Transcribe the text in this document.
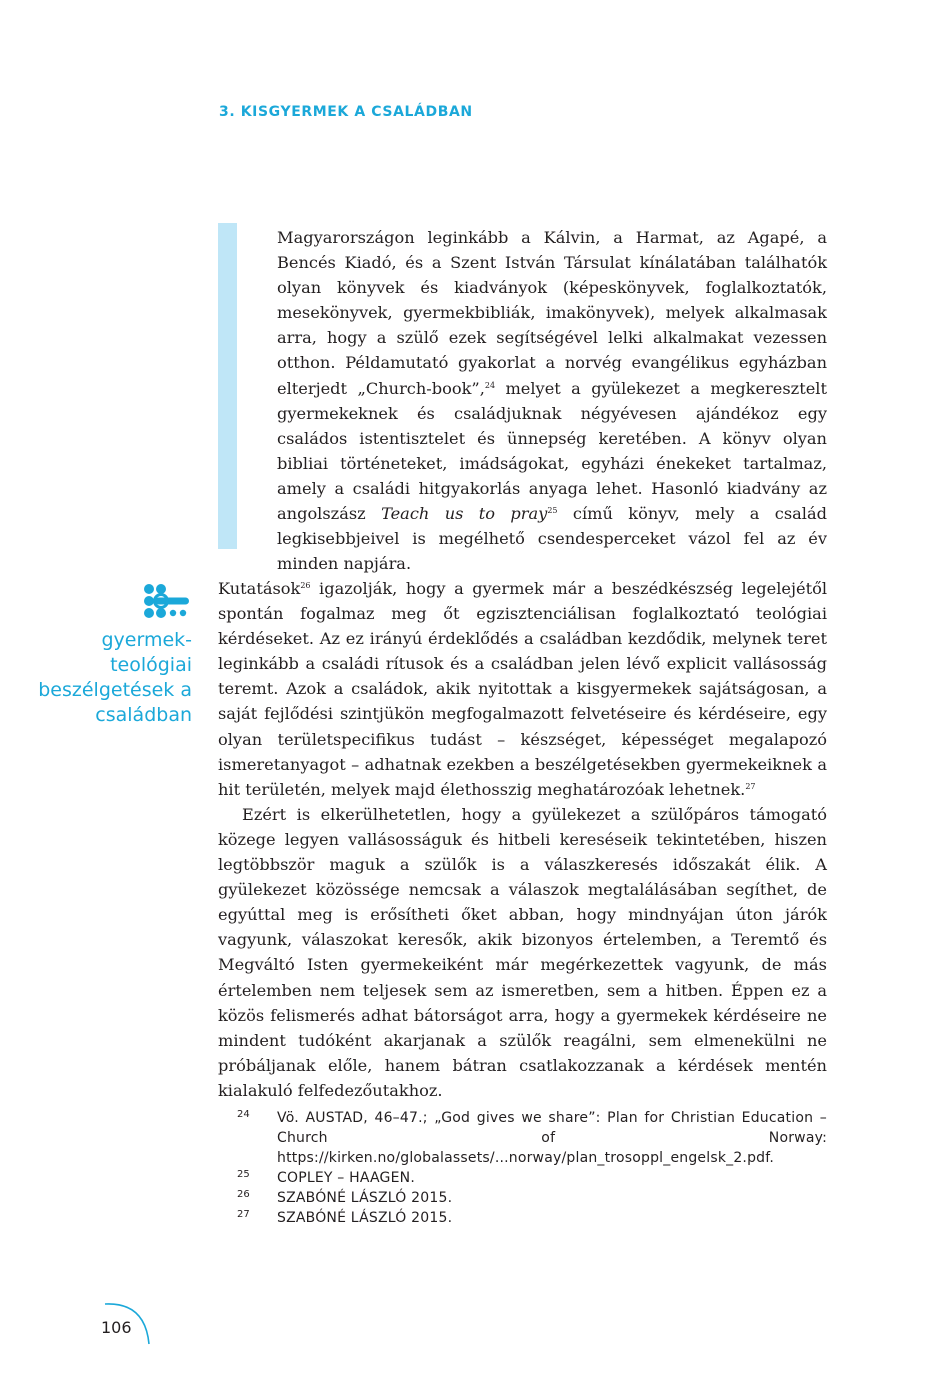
3. KISGYERMEK A CSALÁDBAN
Magyarországon leginkább a Kálvin, a Harmat, az Agapé, a Bencés Kiadó, és a Szent István Társulat kínálatában találhatók olyan könyvek és kiadványok (képeskönyvek, foglalkoztatók, mesekönyvek, gyermekbibliák, imakönyvek), melyek alkalmasak arra, hogy a szülő ezek segítségével lelki alkalmakat vezessen otthon. Példamutató gyakorlat a norvég evangélikus egyházban elterjedt „Church-book”,$^{24}$ melyet a gyülekezet a megkeresztelt gyermekeknek és családjuknak négyévesen ajándékoz egy családos istentisztelet és ünnepség keretében. A könyv olyan bibliai történeteket, imádságokat, egyházi énekeket tartalmaz, amely a családi hitgyakorlás anyaga lehet. Hasonló kiadvány az angolszász Teach us to pray$^{25}$ című könyv, mely a család legkisebbjeivel is megélhető csendesperceket vázol fel az év minden napjára.
gyermek-
teológiai
beszélgetések a
családban

Kutatások$^{26}$ igazolják, hogy a gyermek már a beszédkészség legelejétől spontán fogalmaz meg őt egzisztenciálisan foglalkoztató teológiai kérdéseket. Az ez irányú érdeklődés a családban kezdődik, melynek teret leginkább a családi rítusok és a családban jelen lévő explicit vallásosság teremt. Azok a családok, akik nyitottak a kisgyermekek sajátságosan, a saját fejlődési szintjükön megfogalmazott felvetéseire és kérdéseire, egy olyan területspecifikus tudást – készséget, képességet megalapozó ismeretanyagot – adhatnak ezekben a beszélgetésekben gyermekeiknek a hit területén, melyek majd élethosszig meghatározóak lehetnek.$^{27}$

Ezért is elkerülhetetlen, hogy a gyülekezet a szülőpáros támogató közege legyen vallásosságuk és hitbeli kereséseik tekintetében, hiszen legtöbbször maguk a szülők is a válaszkeresés időszakát élik. A gyülekezet közössége nemcsak a válaszok megtalálásában segíthet, de egyúttal meg is erősítheti őket abban, hogy mindnyájan úton járók vagyunk, válaszokat keresők, akik bizonyos értelemben, a Teremtő és Megváltó Isten gyermekeiként már megérkezettek vagyunk, de más értelemben nem teljesek sem az ismeretben, sem a hitben. Éppen ez a közös felismerés adhat bátorságot arra, hogy a gyermekek kérdéseire ne mindent tudóként akarjanak a szülők reagálni, sem elmenekülni ne próbáljanak előle, hanem bátran csatlakozzanak a kérdések mentén kialakuló felfedezőutakhoz.

24	Vö. AUSTAD, 46–47.; „God gives we share”: Plan for Christian Education – Church of Norway: https://kirken.no/globalassets/...norway/plan_trosoppl_engelsk_2.pdf.
25	COPLEY – HAAGEN.
26	SZABÓNÉ LÁSZLÓ 2015.
27	SZABÓNÉ LÁSZLÓ 2015.
106
